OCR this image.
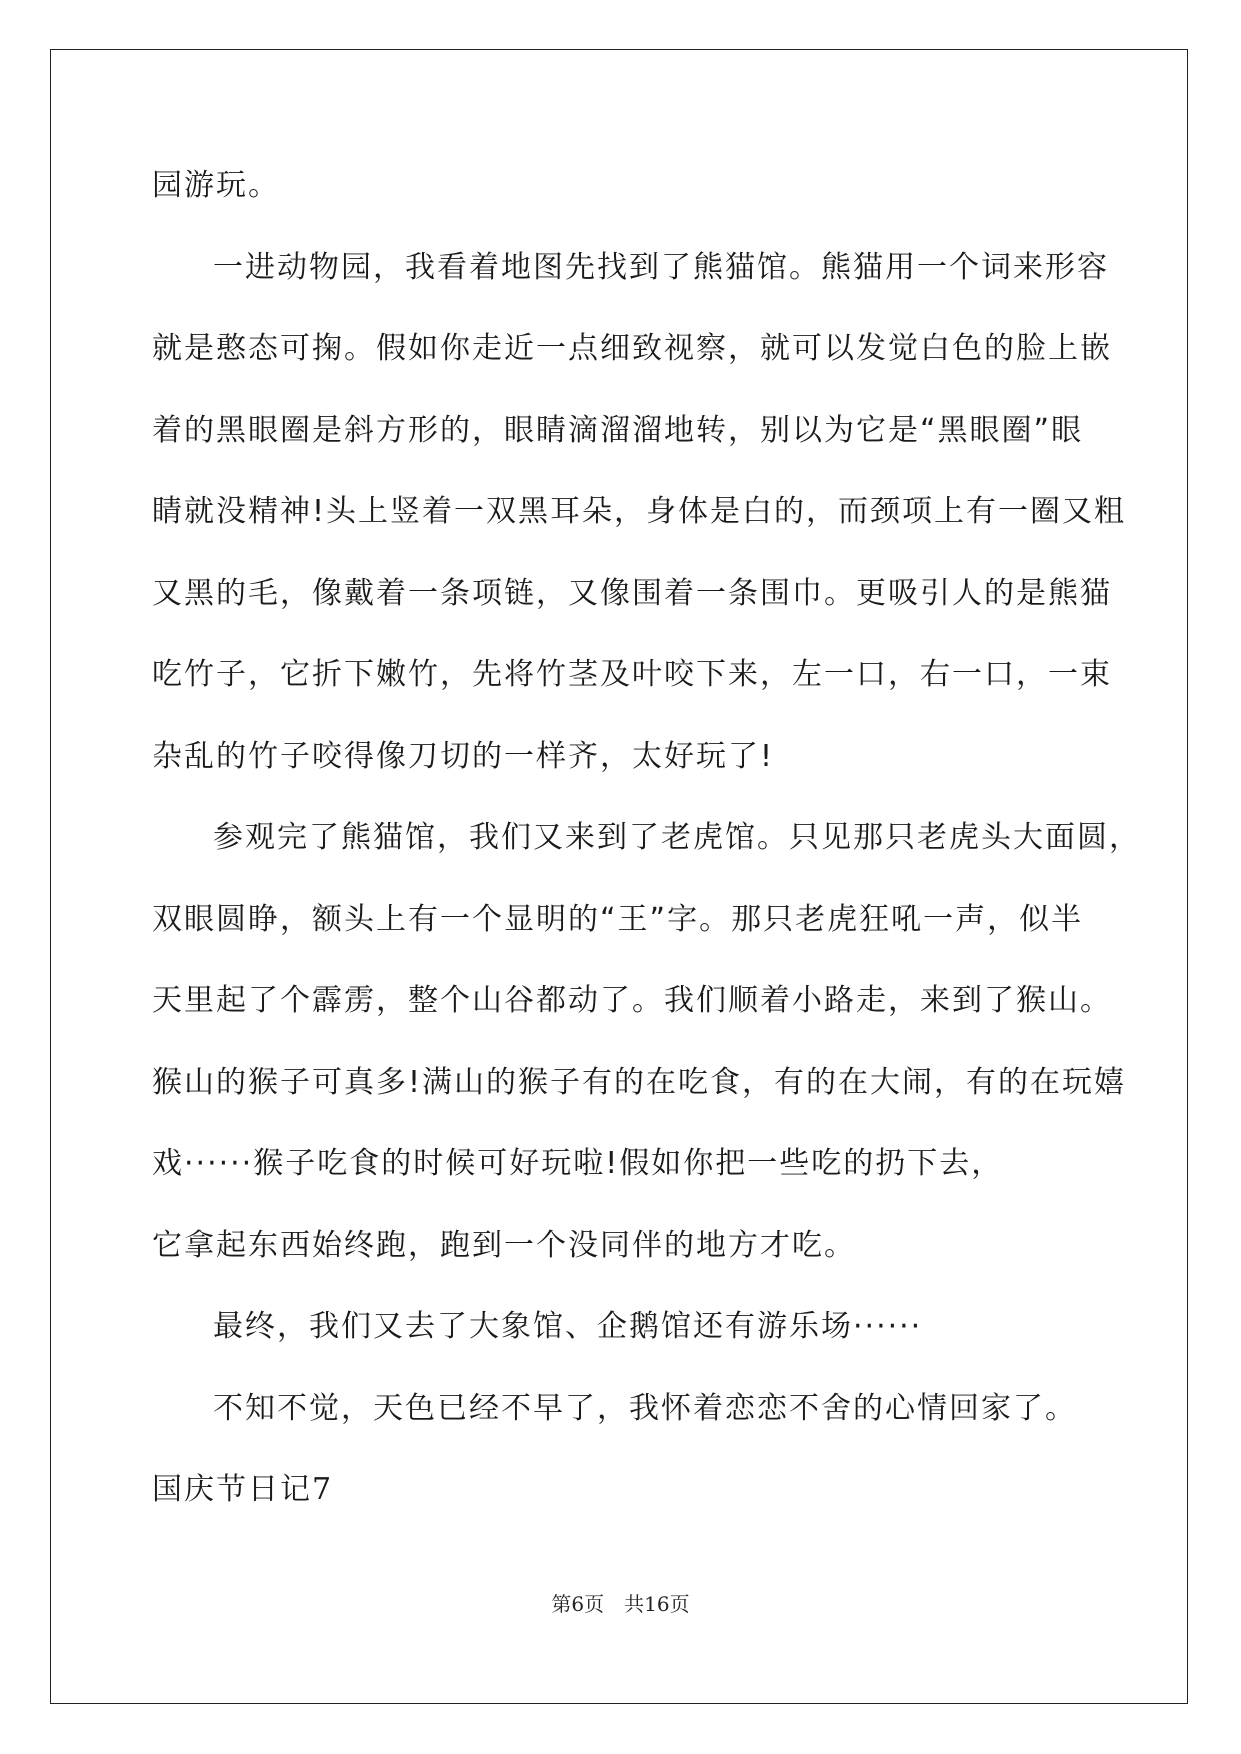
园游玩。
一进动物园，我看着地图先找到了熊猫馆。熊猫用一个词来形容
就是憨态可掬。假如你走近一点细致视察，就可以发觉白色的脸上嵌
着的黑眼圈是斜方形的，眼睛滴溜溜地转，别以为它是“黑眼圈”眼
睛就没精神!头上竖着一双黑耳朵，身体是白的，而颈项上有一圈又粗
又黑的毛，像戴着一条项链，又像围着一条围巾。更吸引人的是熊猫
吃竹子，它折下嫩竹，先将竹茎及叶咬下来，左一口，右一口，一束
杂乱的竹子咬得像刀切的一样齐，太好玩了!
参观完了熊猫馆，我们又来到了老虎馆。只见那只老虎头大面圆，
双眼圆睁，额头上有一个显明的“王”字。那只老虎狂吼一声，似半
天里起了个霹雳，整个山谷都动了。我们顺着小路走，来到了猴山。
猴山的猴子可真多!满山的猴子有的在吃食，有的在大闹，有的在玩嬉
戏······猴子吃食的时候可好玩啦!假如你把一些吃的扔下去，
它拿起东西始终跑，跑到一个没同伴的地方才吃。
最终，我们又去了大象馆、企鹅馆还有游乐场······
不知不觉，天色已经不早了，我怀着恋恋不舍的心情回家了。
国庆节日记7
第6页　共16页
